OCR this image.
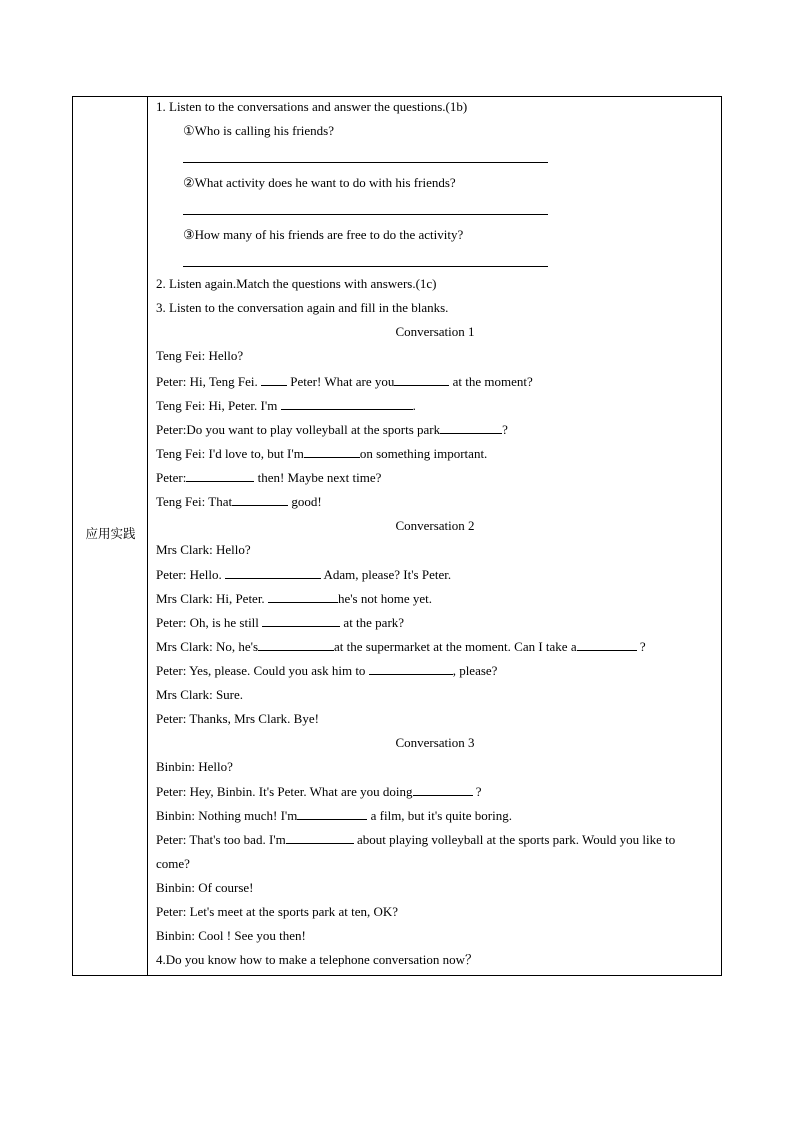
应用实践
1. Listen to the conversations and answer the questions.(1b)
①Who is calling his friends?
②What activity does he want to do with his friends?
③How many of his friends are free to do the activity?
2. Listen again.Match the questions with answers.(1c)
3. Listen to the conversation again and fill in the blanks.
Conversation 1
Teng Fei: Hello?
Peter: Hi, Teng Fei.  Peter! What are you	at the moment?
Teng Fei: Hi, Peter. I'm	.
Peter:Do you want to play volleyball at the sports park	?
Teng Fei: I'd love to, but I'm	on something important.
Peter:	then! Maybe next time?
Teng Fei: That	good!
Conversation 2
Mrs Clark: Hello?
Peter: Hello.	Adam, please? It's Peter.
Mrs Clark: Hi, Peter.	he's not home yet.
Peter: Oh, is he still	at the park?
Mrs Clark: No, he's	at the supermarket at the moment. Can I take a	?
Peter: Yes, please. Could you ask him to	, please?
Mrs Clark: Sure.
Peter: Thanks, Mrs Clark. Bye!
Conversation 3
Binbin: Hello?
Peter: Hey, Binbin. It's Peter. What are you doing	?
Binbin: Nothing much! I'm	a film, but it's quite boring.
Peter: That's too bad. I'm	about playing volleyball at the sports park. Would you like to
come?
Binbin: Of course!
Peter: Let's meet at the sports park at ten, OK?
Binbin: Cool ! See you then!
4.Do you know how to make a telephone conversation now？
